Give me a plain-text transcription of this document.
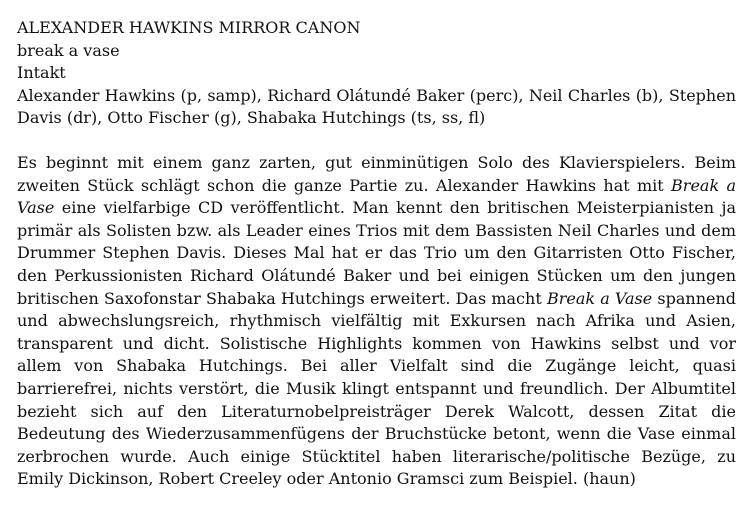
ALEXANDER HAWKINS MIRROR CANON
break a vase
Intakt

Alexander Hawkins (p, samp), Richard Olátundé Baker (perc), Neil Charles (b), Stephen Davis (dr), Otto Fischer (g), Shabaka Hutchings (ts, ss, fl)

Es beginnt mit einem ganz zarten, gut einminütigen Solo des Klavierspielers. Beim zweiten Stück schlägt schon die ganze Partie zu. Alexander Hawkins hat mit Break a Vase eine vielfarbige CD veröffentlicht. Man kennt den britischen Meisterpianisten ja primär als Solisten bzw. als Leader eines Trios mit dem Bassisten Neil Charles und dem Drummer Stephen Davis. Dieses Mal hat er das Trio um den Gitarristen Otto Fischer, den Perkussionisten Richard Olátundé Baker und bei einigen Stücken um den jungen britischen Saxofonstar Shabaka Hutchings erweitert. Das macht Break a Vase spannend und abwechslungsreich, rhythmisch vielfältig mit Exkursen nach Afrika und Asien, transparent und dicht. Solistische Highlights kommen von Hawkins selbst und vor allem von Shabaka Hutchings. Bei aller Vielfalt sind die Zugänge leicht, quasi barrierefrei, nichts verstört, die Musik klingt entspannt und freundlich. Der Albumtitel bezieht sich auf den Literaturnobelpreisträger Derek Walcott, dessen Zitat die Bedeutung des Wiederzusammenfügens der Bruchstücke betont, wenn die Vase einmal zerbrochen wurde. Auch einige Stücktitel haben literarische/politische Bezüge, zu Emily Dickinson, Robert Creeley oder Antonio Gramsci zum Beispiel. (haun)
